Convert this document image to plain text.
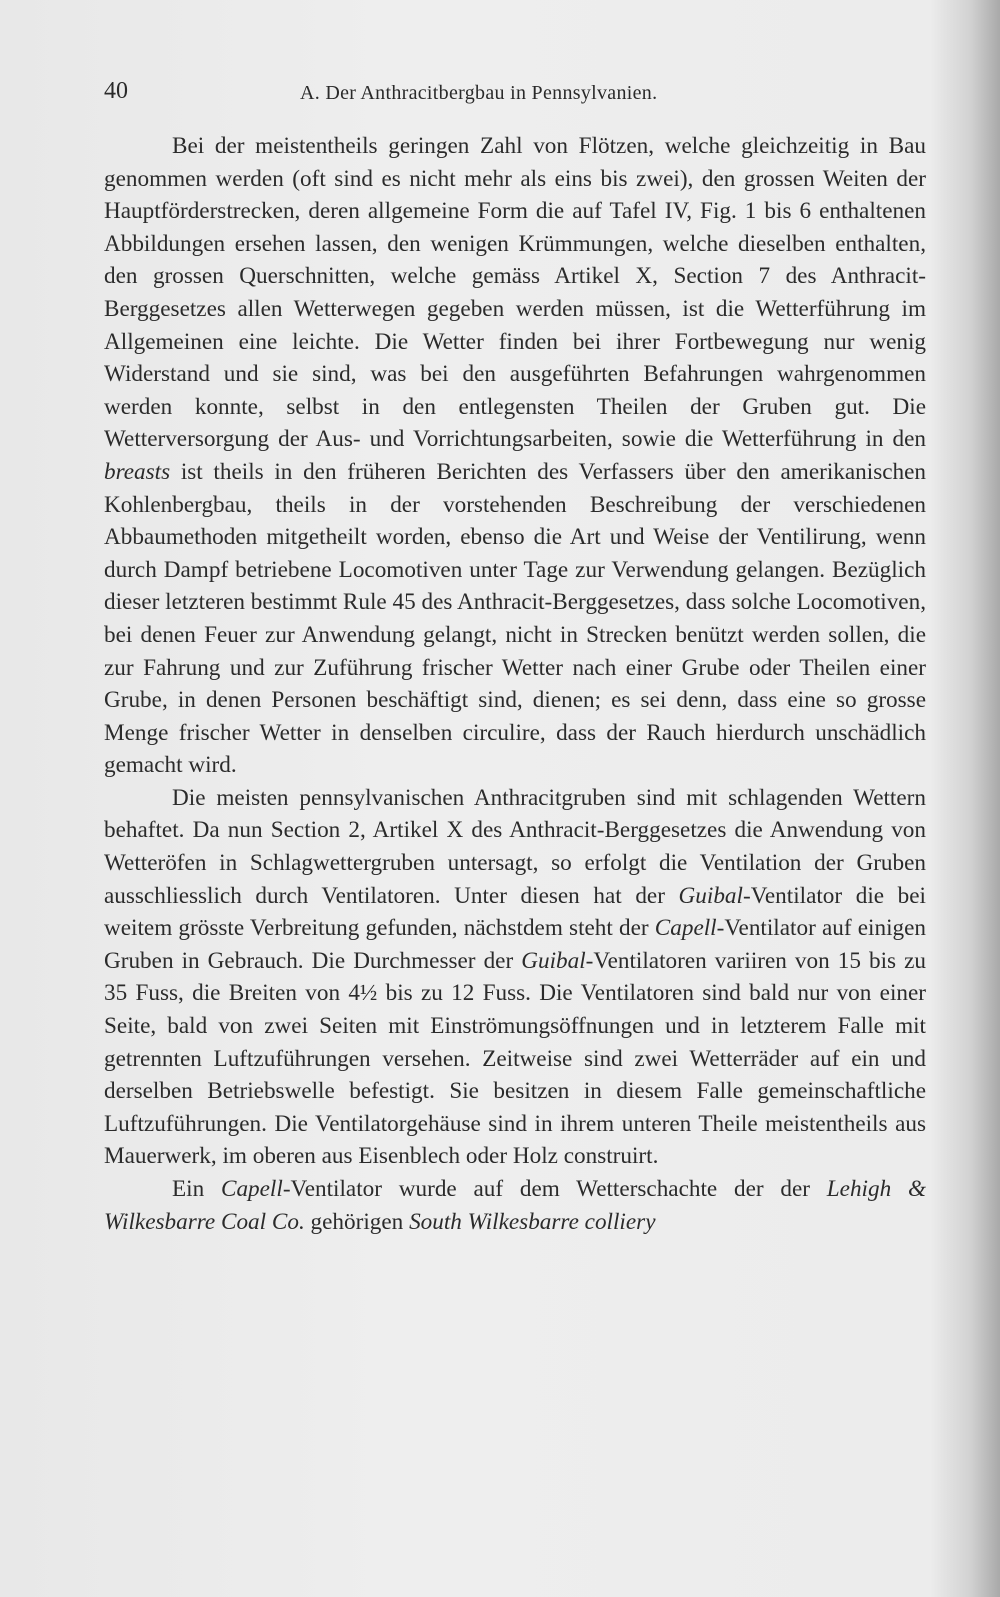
40	A. Der Anthracitbergbau in Pennsylvanien.

Bei der meistentheils geringen Zahl von Flötzen, welche gleichzeitig in Bau genommen werden (oft sind es nicht mehr als eins bis zwei), den grossen Weiten der Hauptförderstrecken, deren allgemeine Form die auf Tafel IV, Fig. 1 bis 6 enthaltenen Abbildungen ersehen lassen, den wenigen Krümmungen, welche dieselben enthalten, den grossen Querschnitten, welche gemäss Artikel X, Section 7 des Anthracit-Berggesetzes allen Wetterwegen gegeben werden müssen, ist die Wetterführung im Allgemeinen eine leichte. Die Wetter finden bei ihrer Fortbewegung nur wenig Widerstand und sie sind, was bei den ausgeführten Befahrungen wahrgenommen werden konnte, selbst in den entlegensten Theilen der Gruben gut. Die Wetterversorgung der Aus- und Vorrichtungsarbeiten, sowie die Wetterführung in den breasts ist theils in den früheren Berichten des Verfassers über den amerikanischen Kohlenbergbau, theils in der vorstehenden Beschreibung der verschiedenen Abbaumethoden mitgetheilt worden, ebenso die Art und Weise der Ventilirung, wenn durch Dampf betriebene Locomotiven unter Tage zur Verwendung gelangen. Bezüglich dieser letzteren bestimmt Rule 45 des Anthracit-Berggesetzes, dass solche Locomotiven, bei denen Feuer zur Anwendung gelangt, nicht in Strecken benützt werden sollen, die zur Fahrung und zur Zuführung frischer Wetter nach einer Grube oder Theilen einer Grube, in denen Personen beschäftigt sind, dienen; es sei denn, dass eine so grosse Menge frischer Wetter in denselben circulire, dass der Rauch hierdurch unschädlich gemacht wird.

Die meisten pennsylvanischen Anthracitgruben sind mit schlagenden Wettern behaftet. Da nun Section 2, Artikel X des Anthracit-Berggesetzes die Anwendung von Wetteröfen in Schlagwettergruben untersagt, so erfolgt die Ventilation der Gruben ausschliesslich durch Ventilatoren. Unter diesen hat der Guibal-Ventilator die bei weitem grösste Verbreitung gefunden, nächstdem steht der Capell-Ventilator auf einigen Gruben in Gebrauch. Die Durchmesser der Guibal-Ventilatoren variiren von 15 bis zu 35 Fuss, die Breiten von 4½ bis zu 12 Fuss. Die Ventilatoren sind bald nur von einer Seite, bald von zwei Seiten mit Einströmungsöffnungen und in letzterem Falle mit getrennten Luftzuführungen versehen. Zeitweise sind zwei Wetterräder auf ein und derselben Betriebswelle befestigt. Sie besitzen in diesem Falle gemeinschaftliche Luftzuführungen. Die Ventilatorgehäuse sind in ihrem unteren Theile meistentheils aus Mauerwerk, im oberen aus Eisenblech oder Holz construirt.

Ein Capell-Ventilator wurde auf dem Wetterschachte der der Lehigh & Wilkesbarre Coal Co. gehörigen South Wilkesbarre colliery
